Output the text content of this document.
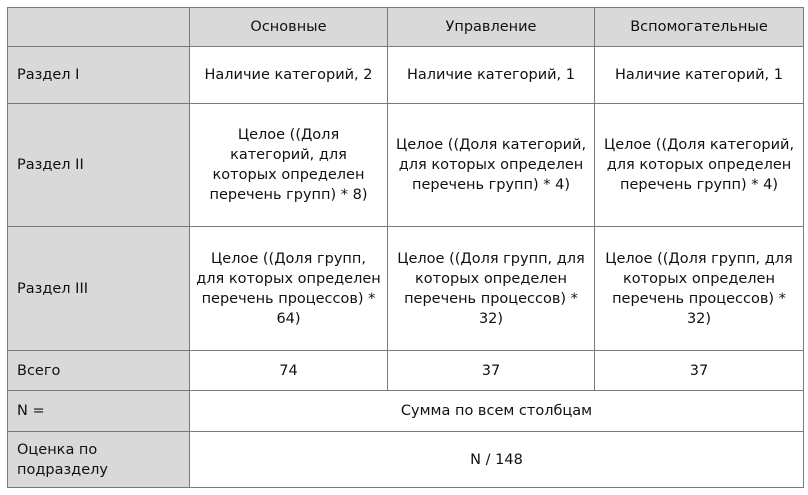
	Основные	Управление	Вспомогательные
Раздел I	Наличие категорий, 2	Наличие категорий, 1	Наличие категорий, 1
Раздел II	Целое ((Доля категорий, для которых определен перечень групп) * 8)	Целое ((Доля категорий, для которых определен перечень групп) * 4)	Целое ((Доля категорий, для которых определен перечень групп) * 4)
Раздел III	Целое ((Доля групп, для которых определен перечень процессов) * 64)	Целое ((Доля групп, для которых определен перечень процессов) * 32)	Целое ((Доля групп, для которых определен перечень процессов) * 32)
Всего	74	37	37
N =	Сумма по всем столбцам		
Оценка по подразделу	N / 148		
